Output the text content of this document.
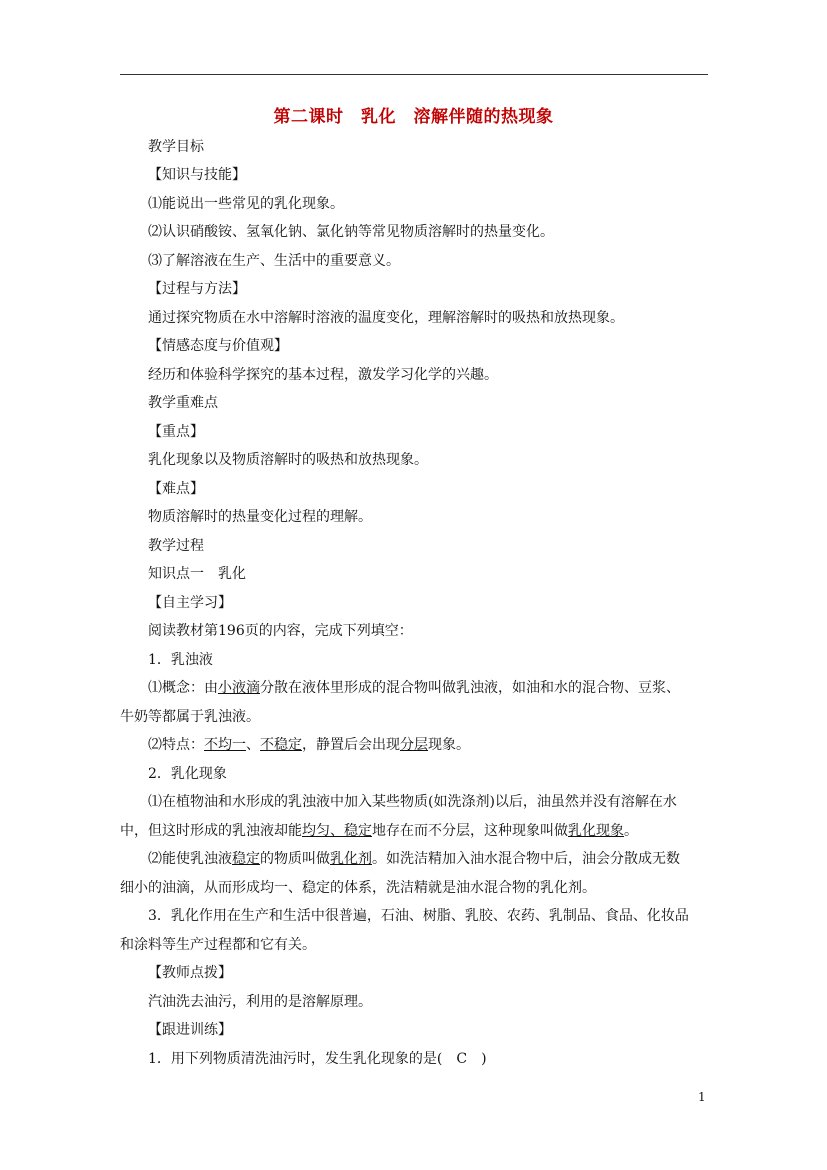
第二课时　乳化　溶解伴随的热现象
教学目标
【知识与技能】
⑴能说出一些常见的乳化现象。
⑵认识硝酸铵、氢氧化钠、氯化钠等常见物质溶解时的热量变化。
⑶了解溶液在生产、生活中的重要意义。
【过程与方法】
通过探究物质在水中溶解时溶液的温度变化，理解溶解时的吸热和放热现象。
【情感态度与价值观】
经历和体验科学探究的基本过程，激发学习化学的兴趣。
教学重难点
【重点】
乳化现象以及物质溶解时的吸热和放热现象。
【难点】
物质溶解时的热量变化过程的理解。
教学过程
知识点一　乳化
【自主学习】
阅读教材第196页的内容，完成下列填空：
1．乳浊液
⑴概念：由小液滴分散在液体里形成的混合物叫做乳浊液，如油和水的混合物、豆浆、
牛奶等都属于乳浊液。
⑵特点：不均一、不稳定，静置后会出现分层现象。
2．乳化现象
⑴在植物油和水形成的乳浊液中加入某些物质(如洗涤剂)以后，油虽然并没有溶解在水
中，但这时形成的乳浊液却能均匀、稳定地存在而不分层，这种现象叫做乳化现象。
⑵能使乳浊液稳定的物质叫做乳化剂。如洗洁精加入油水混合物中后，油会分散成无数
细小的油滴，从而形成均一、稳定的体系，洗洁精就是油水混合物的乳化剂。
3．乳化作用在生产和生活中很普遍，石油、树脂、乳胶、农药、乳制品、食品、化妆品
和涂料等生产过程都和它有关。
【教师点拨】
汽油洗去油污，利用的是溶解原理。
【跟进训练】
1．用下列物质清洗油污时，发生乳化现象的是(　C　)
1
